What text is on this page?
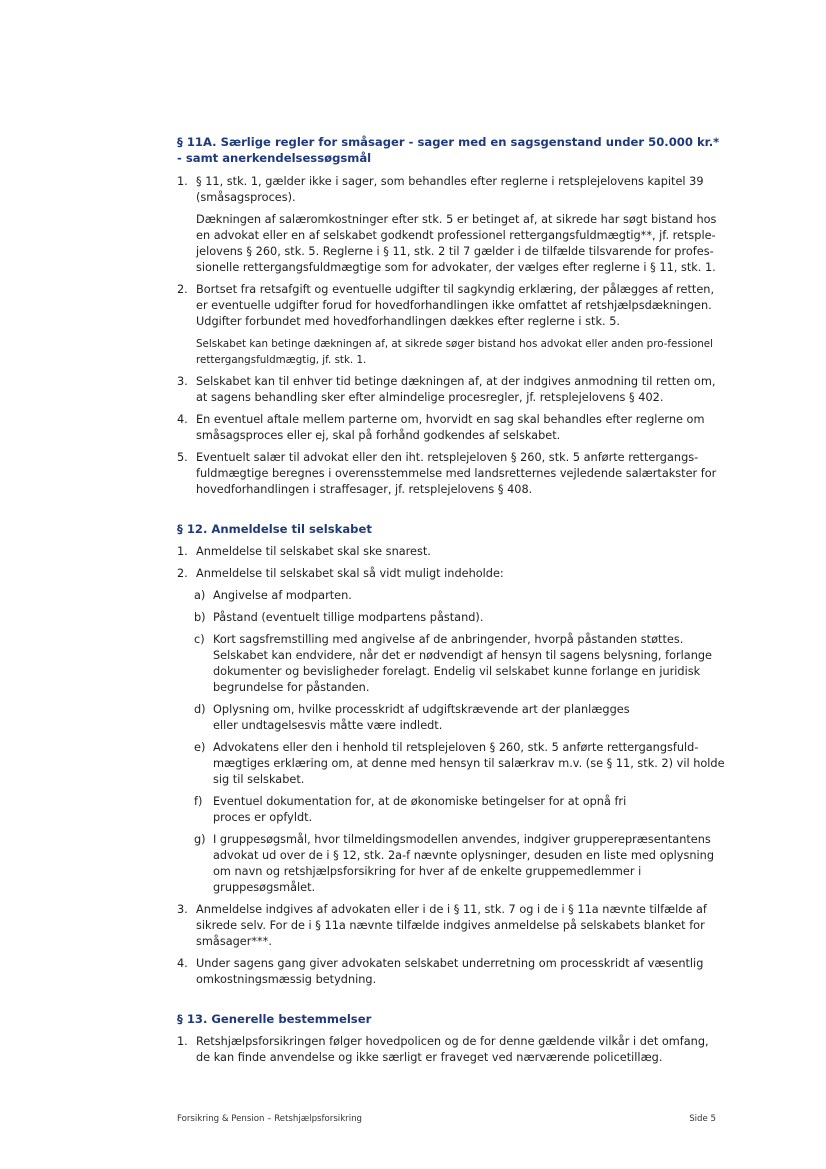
§ 11A. Særlige regler for småsager - sager med en sagsgenstand under 50.000 kr.*
- samt anerkendelsessøgsmål
1. § 11, stk. 1, gælder ikke i sager, som behandles efter reglerne i retsplejelovens kapitel 39 (småsagsproces).

Dækningen af salæromkostninger efter stk. 5 er betinget af, at sikrede har søgt bistand hos en advokat eller en af selskabet godkendt professionel rettergangsfuldmægtig**, jf. retsple-jelovens § 260, stk. 5. Reglerne i § 11, stk. 2 til 7 gælder i de tilfælde tilsvarende for profes-sionelle rettergangsfuldmægtige som for advokater, der vælges efter reglerne i § 11, stk. 1.

2. Bortset fra retsafgift og eventuelle udgifter til sagkyndig erklæring, der pålægges af retten, er eventuelle udgifter forud for hovedforhandlingen ikke omfattet af retshjælpsdækningen. Udgifter forbundet med hovedforhandlingen dækkes efter reglerne i stk. 5.

Selskabet kan betinge dækningen af, at sikrede søger bistand hos advokat eller anden pro-fessionel rettergangsfuldmægtig, jf. stk. 1.

3. Selskabet kan til enhver tid betinge dækningen af, at der indgives anmodning til retten om, at sagens behandling sker efter almindelige procesregler, jf. retsplejelovens § 402.

4. En eventuel aftale mellem parterne om, hvorvidt en sag skal behandles efter reglerne om småsagsproces eller ej, skal på forhånd godkendes af selskabet.

5. Eventuelt salær til advokat eller den iht. retsplejeloven § 260, stk. 5 anførte rettergangs-fuldmægtige beregnes i overensstemmelse med landsretternes vejledende salærtakster for hovedforhandlingen i straffesager, jf. retsplejelovens § 408.

§ 12. Anmeldelse til selskabet
1. Anmeldelse til selskabet skal ske snarest.

2. Anmeldelse til selskabet skal så vidt muligt indeholde:

a) Angivelse af modparten.
b) Påstand (eventuelt tillige modpartens påstand).
c) Kort sagsfremstilling med angivelse af de anbringender, hvorpå påstanden støttes. Selskabet kan endvidere, når det er nødvendigt af hensyn til sagens belysning, forlange dokumenter og bevisligheder forelagt. Endelig vil selskabet kunne forlange en juridisk begrundelse for påstanden.
d) Oplysning om, hvilke processkridt af udgiftskrævende art der planlægges eller undtagelsesvis måtte være indledt.
e) Advokatens eller den i henhold til retsplejeloven § 260, stk. 5 anførte rettergangsfuld-mægtiges erklæring om, at denne med hensyn til salærkrav m.v. (se § 11, stk. 2) vil holde sig til selskabet.
f) Eventuel dokumentation for, at de økonomiske betingelser for at opnå fri proces er opfyldt.
g) I gruppesøgsmål, hvor tilmeldingsmodellen anvendes, indgiver grupperepræsentantens advokat ud over de i § 12, stk. 2a-f nævnte oplysninger, desuden en liste med oplysning om navn og retshjælpsforsikring for hver af de enkelte gruppemedlemmer i gruppesøgsmålet.
3. Anmeldelse indgives af advokaten eller i de i § 11, stk. 7 og i de i § 11a nævnte tilfælde af sikrede selv. For de i § 11a nævnte tilfælde indgives anmeldelse på selskabets blanket for småsager***.

4. Under sagens gang giver advokaten selskabet underretning om processkridt af væsentlig omkostningsmæssig betydning.

§ 13. Generelle bestemmelser
1. Retshjælpsforsikringen følger hovedpolicen og de for denne gældende vilkår i det omfang, de kan finde anvendelse og ikke særligt er fraveget ved nærværende policetillæg.

Forsikring & Pension – Retshjælpsforsikring	Side 5
